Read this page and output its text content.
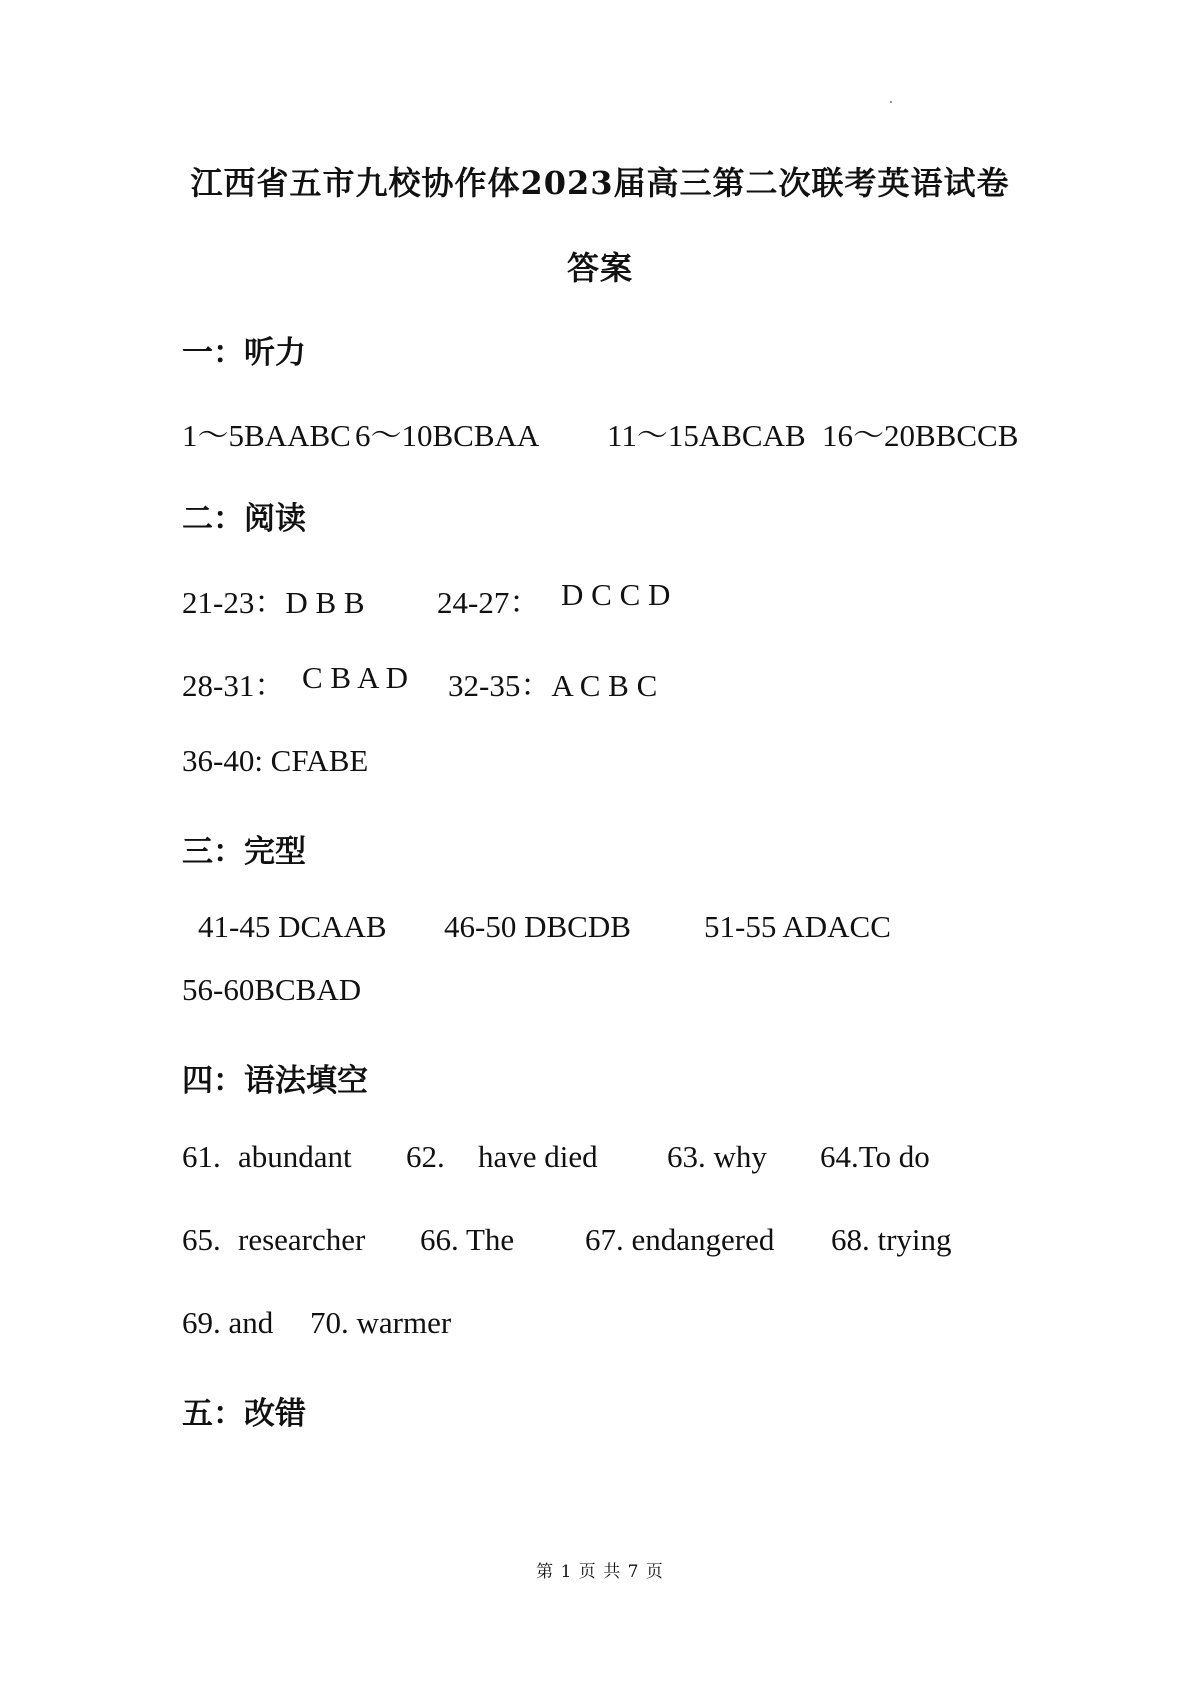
江西省五市九校协作体2023届高三第二次联考英语试卷
答案
一：听力

1～5BAABC

6～10BCBAA

11～15ABCAB

16～20BBCCB

二：阅读

21-23：D B B

24-27：

D C C D

28-31：

C B A D

32-35：A C B C

36-40: CFABE

三：完型

41-45 DCAAB

46-50 DBCDB

51-55 ADACC

56-60BCBAD

四：语法填空

61.

abundant

62.

have died

63. why

64.To do

65.

researcher

66. The

67. endangered

68. trying

69. and

70. warmer

五：改错
第 1 页 共 7 页
